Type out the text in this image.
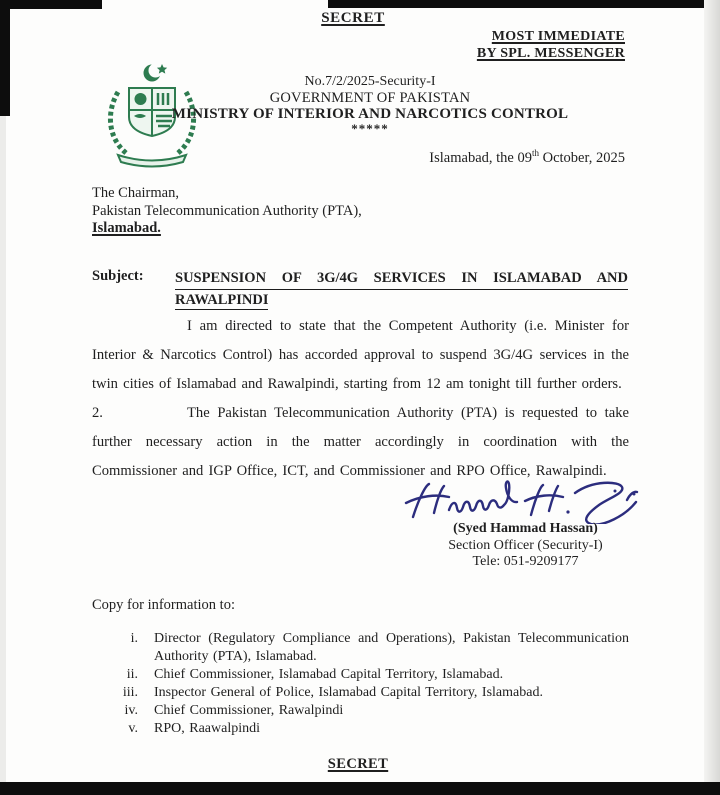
SECRET
MOST IMMEDIATE
BY SPL. MESSENGER
No.7/2/2025-Security-I
GOVERNMENT OF PAKISTAN
MINISTRY OF INTERIOR AND NARCOTICS CONTROL
*****
Islamabad, the 09th October, 2025
The Chairman,
Pakistan Telecommunication Authority (PTA),
Islamabad.
Subject:	SUSPENSION OF 3G/4G SERVICES IN ISLAMABAD AND
RAWALPINDI

I am directed to state that the Competent Authority (i.e. Minister for Interior & Narcotics Control) has accorded approval to suspend 3G/4G services in the twin cities of Islamabad and Rawalpindi, starting from 12 am tonight till further orders.

2.	The Pakistan Telecommunication Authority (PTA) is requested to take further necessary action in the matter accordingly in coordination with the Commissioner and IGP Office, ICT, and Commissioner and RPO Office, Rawalpindi.

(Syed Hammad Hassan)
Section Officer (Security-I)
Tele: 051-9209177
Copy for information to:
i.	Director (Regulatory Compliance and Operations), Pakistan Telecommunication Authority (PTA), Islamabad.
ii.	Chief Commissioner, Islamabad Capital Territory, Islamabad.
iii.	Inspector General of Police, Islamabad Capital Territory, Islamabad.
iv.	Chief Commissioner, Rawalpindi
v.	RPO, Raawalpindi
SECRET
